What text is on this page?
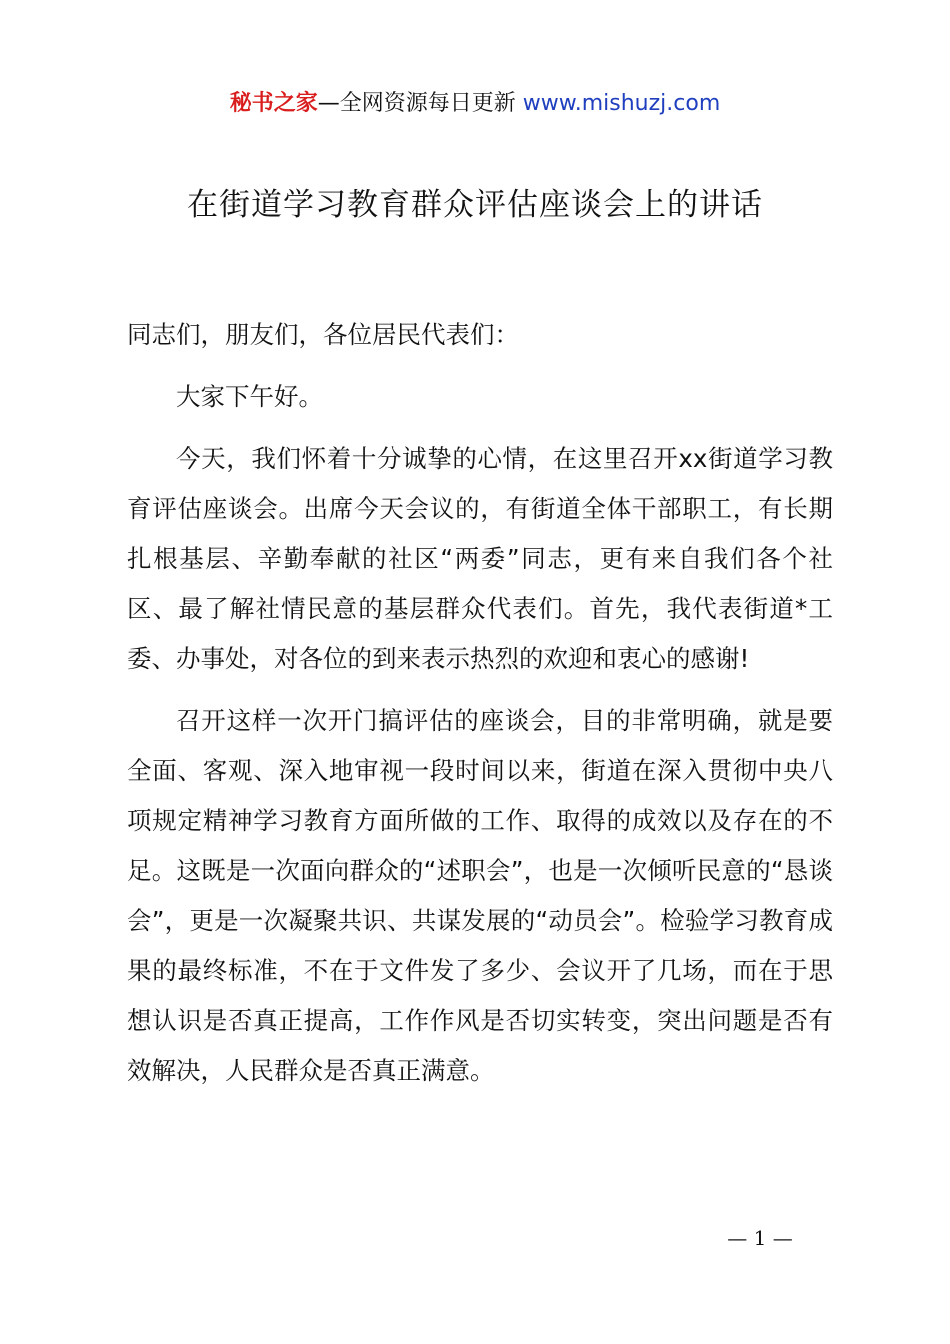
秘书之家—全网资源每日更新 www.mishuzj.com
在街道学习教育群众评估座谈会上的讲话

同志们，朋友们，各位居民代表们：

大家下午好。

今天，我们怀着十分诚挚的心情，在这里召开xx街道学习教育评估座谈会。出席今天会议的，有街道全体干部职工，有长期扎根基层、辛勤奉献的社区“两委”同志，更有来自我们各个社区、最了解社情民意的基层群众代表们。首先，我代表街道*工委、办事处，对各位的到来表示热烈的欢迎和衷心的感谢!

召开这样一次开门搞评估的座谈会，目的非常明确，就是要全面、客观、深入地审视一段时间以来，街道在深入贯彻中央八项规定精神学习教育方面所做的工作、取得的成效以及存在的不足。这既是一次面向群众的“述职会”，也是一次倾听民意的“恳谈会”，更是一次凝聚共识、共谋发展的“动员会”。检验学习教育成果的最终标准，不在于文件发了多少、会议开了几场，而在于思想认识是否真正提高，工作作风是否切实转变，突出问题是否有效解决，人民群众是否真正满意。

— 1 —
